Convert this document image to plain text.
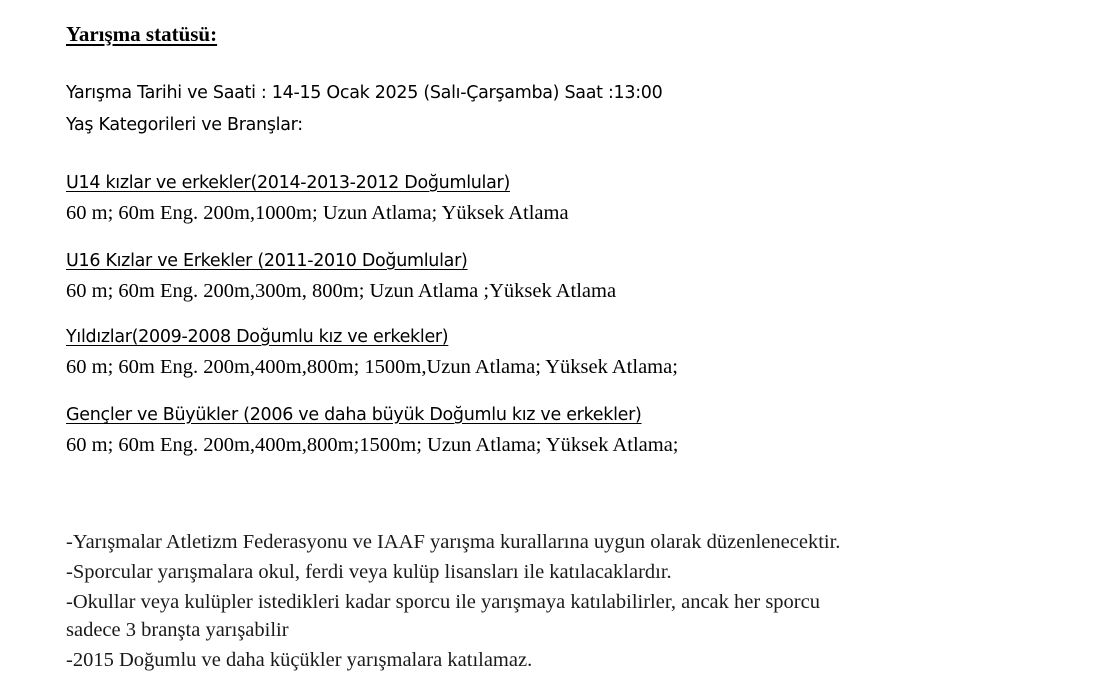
Yarışma statüsü:
Yarışma Tarihi ve Saati : 14-15 Ocak 2025 (Salı-Çarşamba) Saat :13:00
Yaş Kategorileri ve Branşlar:
U14 kızlar ve erkekler(2014-2013-2012 Doğumlular)
60 m; 60m Eng. 200m,1000m; Uzun Atlama; Yüksek Atlama
U16 Kızlar ve Erkekler (2011-2010 Doğumlular)
60 m; 60m Eng. 200m,300m, 800m; Uzun Atlama ;Yüksek Atlama
Yıldızlar(2009-2008 Doğumlu kız ve erkekler)
60 m; 60m Eng. 200m,400m,800m; 1500m,Uzun Atlama; Yüksek Atlama;
Gençler ve Büyükler (2006 ve daha büyük Doğumlu kız ve erkekler)
60 m; 60m Eng. 200m,400m,800m;1500m; Uzun Atlama; Yüksek Atlama;
-Yarışmalar Atletizm Federasyonu ve IAAF yarışma kurallarına uygun olarak düzenlenecektir.
-Sporcular yarışmalara okul, ferdi veya kulüp lisansları ile katılacaklardır.
-Okullar veya kulüpler istedikleri kadar sporcu ile yarışmaya katılabilirler, ancak her sporcu
sadece 3 branşta yarışabilir
-2015 Doğumlu ve daha küçükler yarışmalara katılamaz.
